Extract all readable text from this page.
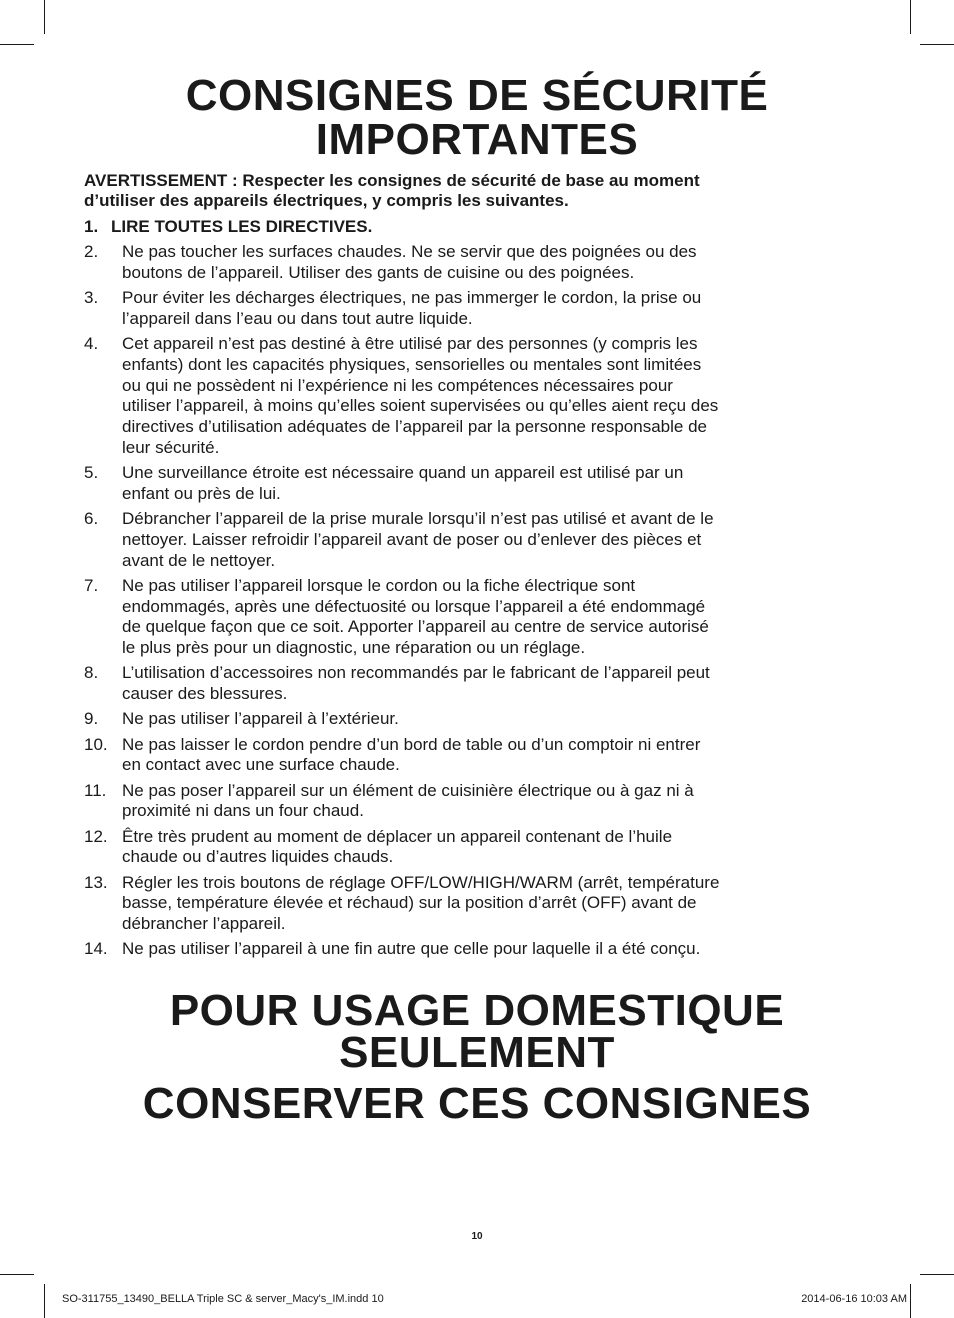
CONSIGNES DE SÉCURITÉ
IMPORTANTES
AVERTISSEMENT : Respecter les consignes de sécurité de base au moment
d’utiliser des appareils électriques, y compris les suivantes.
1. LIRE TOUTES LES DIRECTIVES.
2. Ne pas toucher les surfaces chaudes. Ne se servir que des poignées ou des
boutons de l’appareil. Utiliser des gants de cuisine ou des poignées.
3. Pour éviter les décharges électriques, ne pas immerger le cordon, la prise ou
l’appareil dans l’eau ou dans tout autre liquide.
4. Cet appareil n’est pas destiné à être utilisé par des personnes (y compris les
enfants) dont les capacités physiques, sensorielles ou mentales sont limitées
ou qui ne possèdent ni l’expérience ni les compétences nécessaires pour
utiliser l’appareil, à moins qu’elles soient supervisées ou qu’elles aient reçu des
directives d’utilisation adéquates de l’appareil par la personne responsable de
leur sécurité.
5. Une surveillance étroite est nécessaire quand un appareil est utilisé par un
enfant ou près de lui.
6. Débrancher l’appareil de la prise murale lorsqu’il n’est pas utilisé et avant de le
nettoyer. Laisser refroidir l’appareil avant de poser ou d’enlever des pièces et
avant de le nettoyer.
7. Ne pas utiliser l’appareil lorsque le cordon ou la fiche électrique sont
endommagés, après une défectuosité ou lorsque l’appareil a été endommagé
de quelque façon que ce soit. Apporter l’appareil au centre de service autorisé
le plus près pour un diagnostic, une réparation ou un réglage.
8. L’utilisation d’accessoires non recommandés par le fabricant de l’appareil peut
causer des blessures.
9. Ne pas utiliser l’appareil à l’extérieur.
10. Ne pas laisser le cordon pendre d’un bord de table ou d’un comptoir ni entrer
en contact avec une surface chaude.
11. Ne pas poser l’appareil sur un élément de cuisinière électrique ou à gaz ni à
proximité ni dans un four chaud.
12. Être très prudent au moment de déplacer un appareil contenant de l’huile
chaude ou d’autres liquides chauds.
13. Régler les trois boutons de réglage OFF/LOW/HIGH/WARM (arrêt, température
basse, température élevée et réchaud) sur la position d’arrêt (OFF) avant de
débrancher l’appareil.
14. Ne pas utiliser l’appareil à une fin autre que celle pour laquelle il a été conçu.
POUR USAGE DOMESTIQUE
SEULEMENT
CONSERVER CES CONSIGNES
10
SO-311755_13490_BELLA Triple SC & server_Macy's_IM.indd 10	2014-06-16 10:03 AM
